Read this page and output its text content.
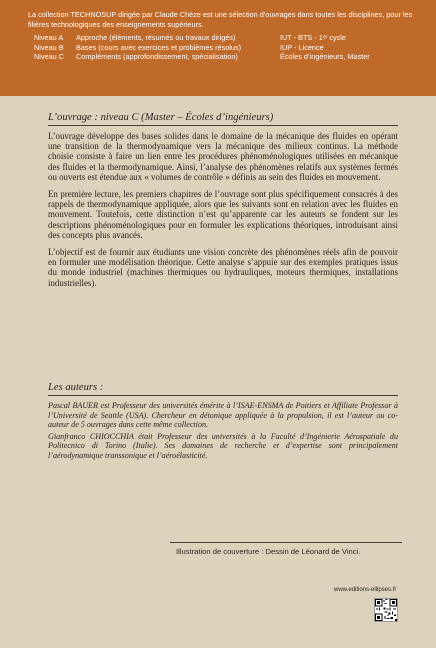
La collection TECHNOSUP dirigée par Claude Chèze est une sélection d’ouvrages dans toutes les disciplines, pour les filières technologiques des enseignements supérieurs.

Niveau A Approche (éléments, résumés ou travaux dirigés)	IUT - BTS - 1ᵉʳ cycle
Niveau B Bases (cours avec exercices et problèmes résolus)	IUP - Licence
Niveau C Compléments (approfondissement, spécialisation)	Écoles d’ingénieurs, Master

L’ouvrage : niveau C (Master – Écoles d’ingénieurs)

L’ouvrage développe des bases solides dans le domaine de la mécanique des fluides en opérant une transition de la thermodynamique vers la mécanique des milieux continus. La méthode choisie consiste à faire un lien entre les procédures phénoménologiques utilisées en mécanique des fluides et la thermodynamique. Ainsi, l’analyse des phénomènes relatifs aux systèmes fermés ou ouverts est étendue aux « volumes de contrôle » définis au sein des fluides en mouvement.

En première lecture, les premiers chapitres de l’ouvrage sont plus spécifiquement consacrés à des rappels de thermodynamique appliquée, alors que les suivants sont en relation avec les fluides en mouvement. Toutefois, cette distinction n’est qu’apparente car les auteurs se fondent sur les descriptions phénoménologiques pour en formuler les explications théoriques, introduisant ainsi des concepts plus avancés.

L’objectif est de fournir aux étudiants une vision concrète des phénomènes réels afin de pouvoir en formuler une modélisation théorique. Cette analyse s’appuie sur des exemples pratiques issus du monde industriel (machines thermiques ou hydrauliques, moteurs thermiques, installations industrielles).

Les auteurs :

Pascal BAUER est Professeur des universités émérite à l’ISAE-ENSMA de Poitiers et Affiliate Professor à l’Université de Seattle (USA). Chercheur en détonique appliquée à la propulsion, il est l’auteur ou co-auteur de 5 ouvrages dans cette même collection.

Gianfranco CHIOCCHIA était Professeur des universités à la Faculté d’Ingénierie Aérospatiale du Politecnico di Torino (Italie). Ses domaines de recherche et d’expertise sont principalement l’aérodynamique transsonique et l’aéroélasticité.

Illustration de couverture : Dessin de Léonard de Vinci.

www.editions-ellipses.fr
